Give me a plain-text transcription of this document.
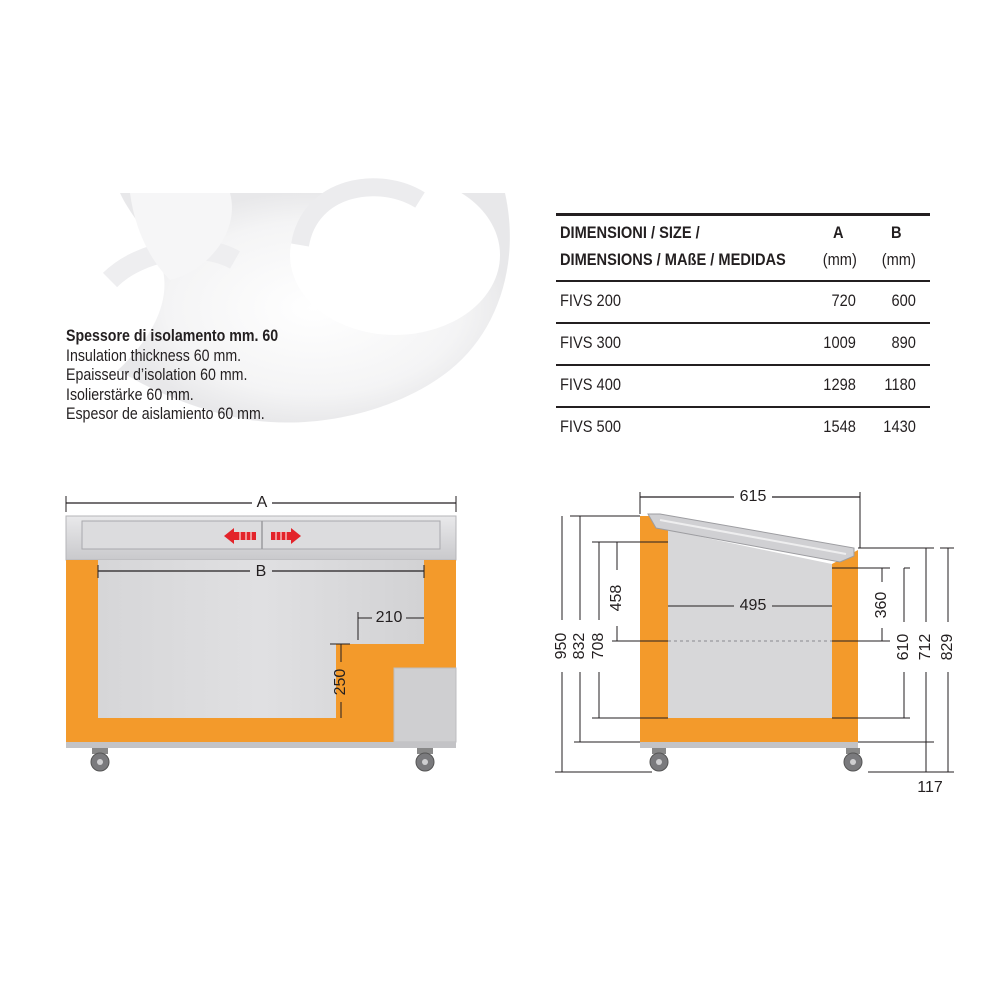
Spessore di isolamento mm. 60
Insulation thickness 60 mm.
Epaisseur d’isolation 60 mm.
Isolierstärke 60 mm.
Espesor de aislamiento 60 mm.
DIMENSIONI / SIZE /
DIMENSIONS / MAßE / MEDIDAS
A	B
(mm) (mm)
FIVS 200	720	600
FIVS 300	1009	890
FIVS 400	1298	1180
FIVS 500	1548	1430
A
B
210
250
615
495
950 832 708
458	360
610 712 829
117
